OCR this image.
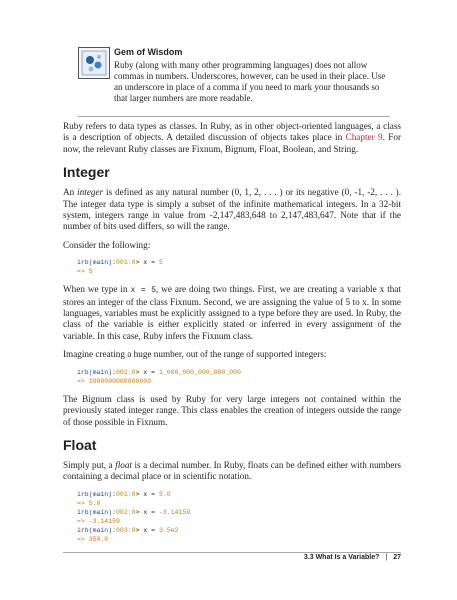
Gem of Wisdom

Ruby (along with many other programming languages) does not allow commas in numbers. Underscores, however, can be used in their place. Use an underscore in place of a comma if you need to mark your thousands so that larger numbers are more readable.

Ruby refers to data types as classes. In Ruby, as in other object-oriented languages, a class is a description of objects. A detailed discussion of objects takes place in Chapter 9. For now, the relevant Ruby classes are Fixnum, Bignum, Float, Boolean, and String.

Integer

An integer is defined as any natural number (0, 1, 2, . . . ) or its negative (0, -1, -2, . . . ). The integer data type is simply a subset of the infinite mathematical integers. In a 32-bit system, integers range in value from -2,147,483,648 to 2,147,483,647. Note that if the number of bits used differs, so will the range.

Consider the following:

irb(main):001:0> x = 5
=> 5

When we type in x = 5, we are doing two things. First, we are creating a variable x that stores an integer of the class Fixnum. Second, we are assigning the value of 5 to x. In some languages, variables must be explicitly assigned to a type before they are used. In Ruby, the class of the variable is either explicitly stated or inferred in every assignment of the variable. In this case, Ruby infers the Fixnum class.

Imagine creating a huge number, out of the range of supported integers:

irb(main):002:0> x = 1_000_000_000_000_000
=> 1000000000000000

The Bignum class is used by Ruby for very large integers not contained within the previously stated integer range. This class enables the creation of integers outside the range of those possible in Fixnum.

Float

Simply put, a float is a decimal number. In Ruby, floats can be defined either with numbers containing a decimal place or in scientific notation.

irb(main):001:0> x = 5.0
=> 5.0
irb(main):002:0> x = -3.14159
=> -3.14159
irb(main):003:0> x = 3.5e2
=> 350.0
3.3 What Is a Variable? | 27
